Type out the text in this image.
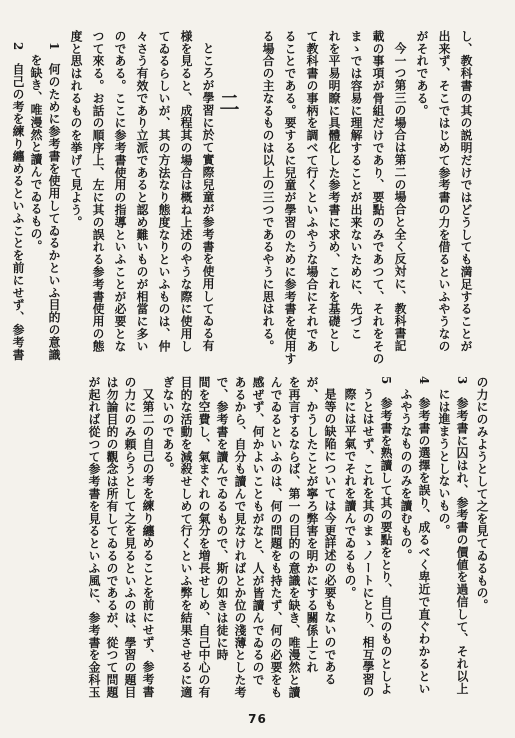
し、教科書の其の説明だけではどうしても満足することが
出来ず、そこではじめて参考書の力を借るといふやうなの
がそれである。
今一つ第三の場合は第二の場合と全く反対に、教科書記
載の事項が骨組だけであり、要點のみであつて、それをその
まゝでは容易に理解することが出来ないために、先づこ
れを平易明瞭に具體化した参考書に求め、これを基礎とし
て教科書の事柄を調べて行くといふやうな場合にそれであ
ることである。要するに兒童が學習のために参考書を使用す
る場合の主なるものは以上の三つであるやうに思はれる。
二
ところが學習に於て實際兒童が参考書を使用してゐる有
様を見ると、成程其の場合は概ね上述のやうな際に使用し
てゐるらしいが、其の方法なり態度なりといふものは、仲
々さう有效であり立派であると認め難いものが相當に多い
のである。ここに参考書使用の指導といふことが必要とな
つて來る。お話の順序上、左に其の誤れる参考書使用の態
度と思はれるものを挙げて見よう。
1　何のために参考書を使用してゐるかといふ目的の意識
を缺き、唯漫然と讀んでゐるもの。
2　自己の考を練り纏めるといふことを前にせず、参考書
の力にのみようとして之を見てゐるもの。
3　参考書に囚はれ、参考書の價値を過信して、それ以上
には進まうとしないもの。
4　参考書の選擇を誤り、成るべく卑近で直ぐわかるとい
ふやうなもののみを讀むもの。
5　参考書を熟讀して其の要點をとり、自己のものとしよ
うとはせず、これを其のまゝノートにとり、相互學習の
際には平氣でそれを讀んでゐるもの。
是等の缺陥については今更詳述の必要もないのである
が、かうしたことが寧ろ弊害を明かにする關係上これ
を再言するならば、第一の目的の意識を缺き、唯漫然と讀
んでゐるといふのは、何の問題をも持たず、何の必要をも
感ぜず、何かよいこともがなと、人が皆讀んでゐるので
あるから、自分も讀んで見なければとか位の淺薄とした考
で、参考書を讀んでゐるもので、斯の如きは徒に時
間を空費し、氣まぐれの氣分を増長せしめ、自己中心の有
目的な活動を減殺せしめて行くといふ弊を結果させるに適
ぎないのである。
又第二の自己の考を練り纏めることを前にせず、参考書
の力にのみ頼らうとして之を見るといふのは、學習の題目
は勿論目的の觀念は所有してゐるのであるが、從つて問題
が起れば從つて参考書を見るといふ風に、参考書を金科玉
76
